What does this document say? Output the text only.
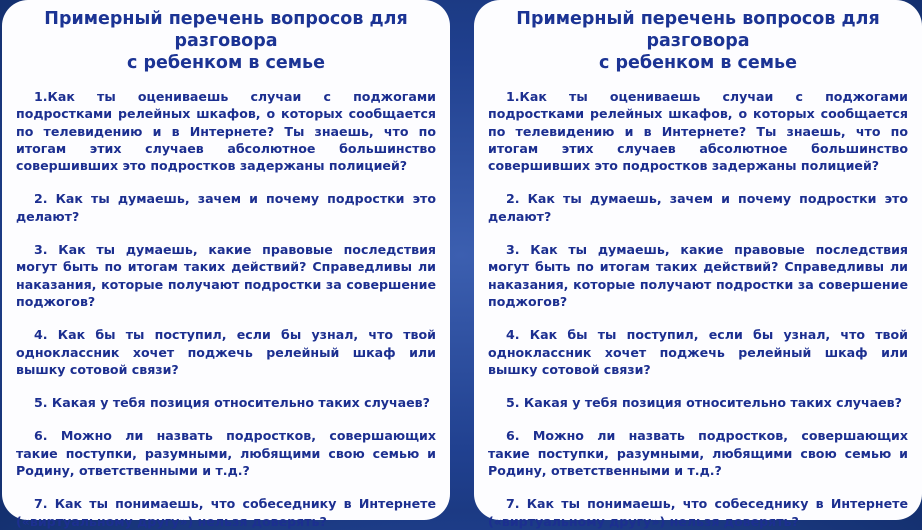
Примерный перечень вопросов для разговора
с ребенком в семье

1.Как ты оцениваешь случаи с поджогами подростками релейных шкафов, о которых сообщается по телевидению и в Интернете? Ты знаешь, что по итогам этих случаев абсолютное большинство совершивших это подростков задержаны полицией?

2. Как ты думаешь, зачем и почему подростки это делают?

3. Как ты думаешь, какие правовые последствия могут быть по итогам таких действий? Справедливы ли наказания, которые получают подростки за совершение поджогов?

4. Как бы ты поступил, если бы узнал, что твой одноклассник хочет поджечь релейный шкаф или вышку сотовой связи?

5. Какая у тебя позиция относительно таких случаев?

6. Можно ли назвать подростков, совершающих такие поступки, разумными, любящими свою семью и Родину, ответственными и т.д.?

7. Как ты понимаешь, что собеседнику в Интернете («виртуальному другу») нельзя доверять?

Примерный перечень вопросов для разговора
с ребенком в семье

1.Как ты оцениваешь случаи с поджогами подростками релейных шкафов, о которых сообщается по телевидению и в Интернете? Ты знаешь, что по итогам этих случаев абсолютное большинство совершивших это подростков задержаны полицией?

2. Как ты думаешь, зачем и почему подростки это делают?

3. Как ты думаешь, какие правовые последствия могут быть по итогам таких действий? Справедливы ли наказания, которые получают подростки за совершение поджогов?

4. Как бы ты поступил, если бы узнал, что твой одноклассник хочет поджечь релейный шкаф или вышку сотовой связи?

5. Какая у тебя позиция относительно таких случаев?

6. Можно ли назвать подростков, совершающих такие поступки, разумными, любящими свою семью и Родину, ответственными и т.д.?

7. Как ты понимаешь, что собеседнику в Интернете («виртуальному другу») нельзя доверять?
